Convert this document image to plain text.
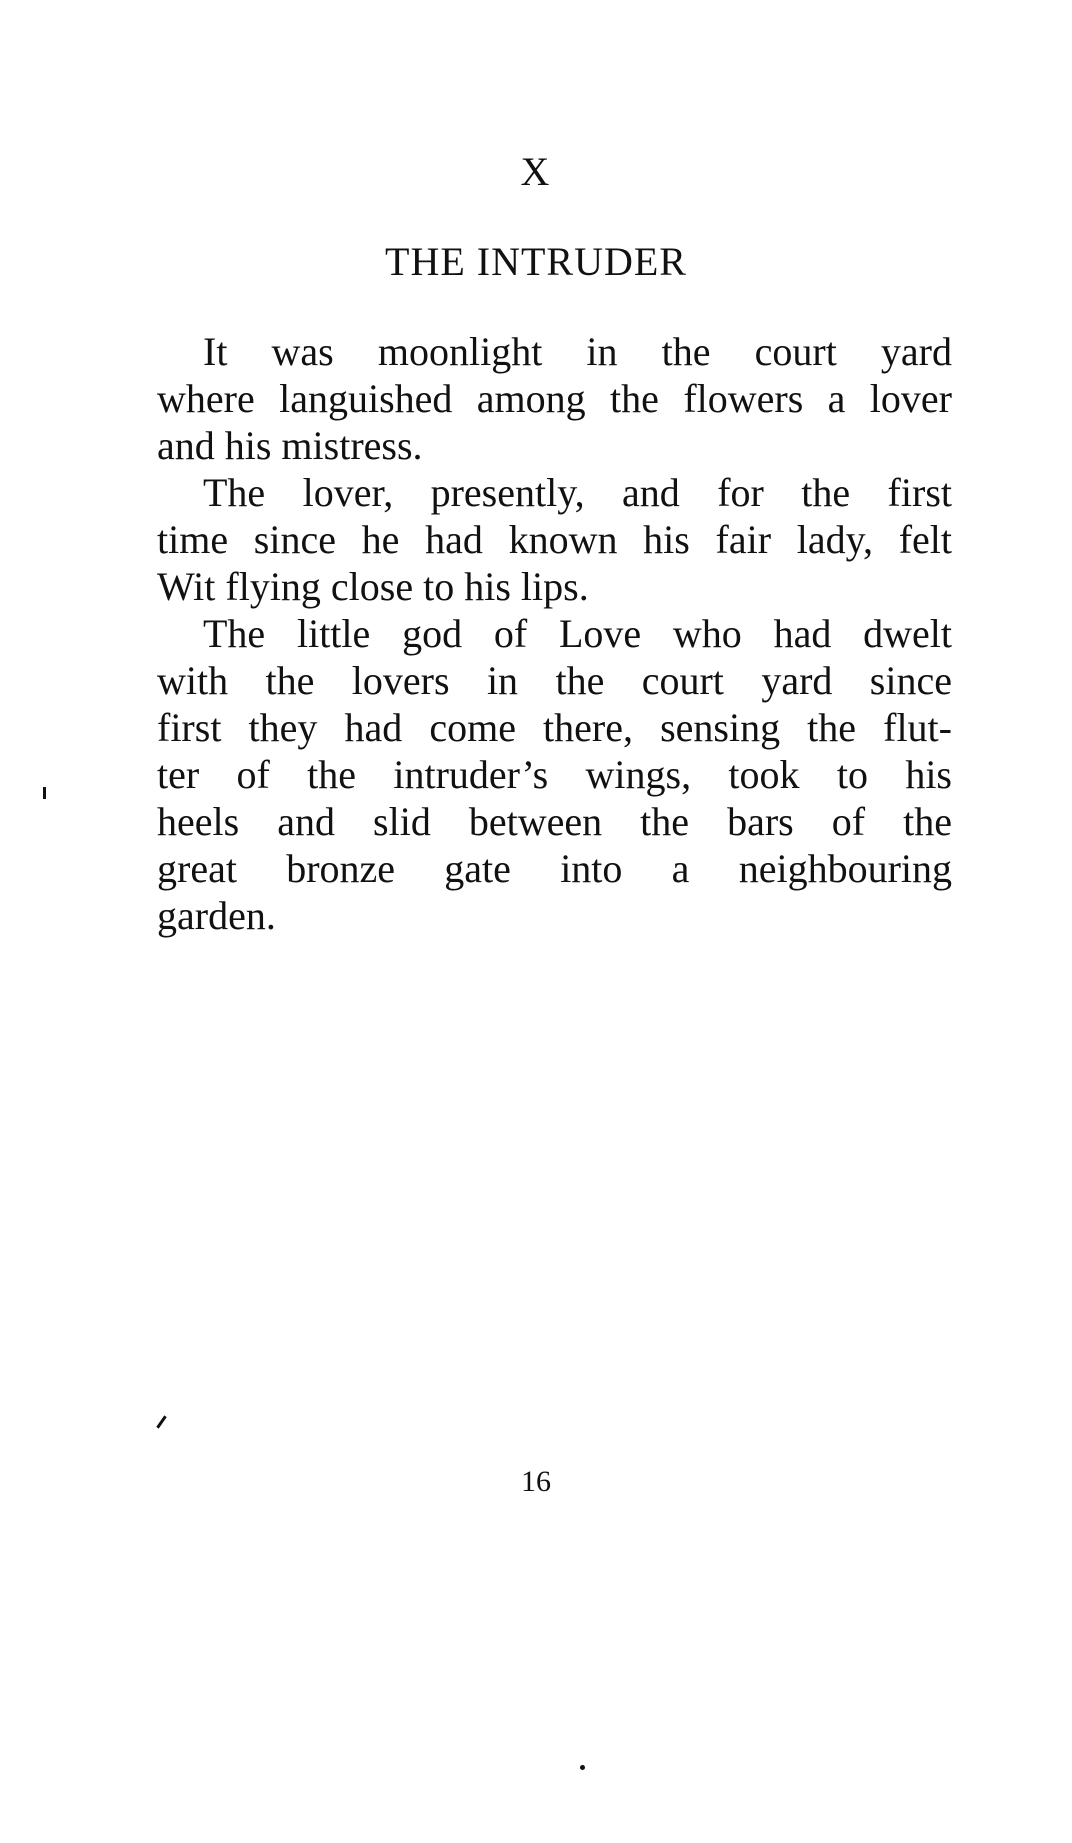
X
THE INTRUDER
It was moonlight in the court yard
where languished among the flowers a lover
and his mistress.
The lover, presently, and for the first
time since he had known his fair lady, felt
Wit flying close to his lips.
The little god of Love who had dwelt
with the lovers in the court yard since
first they had come there, sensing the flut-
ter of the intruder’s wings, took to his
heels and slid between the bars of the
great bronze gate into a neighbouring
garden.
16
